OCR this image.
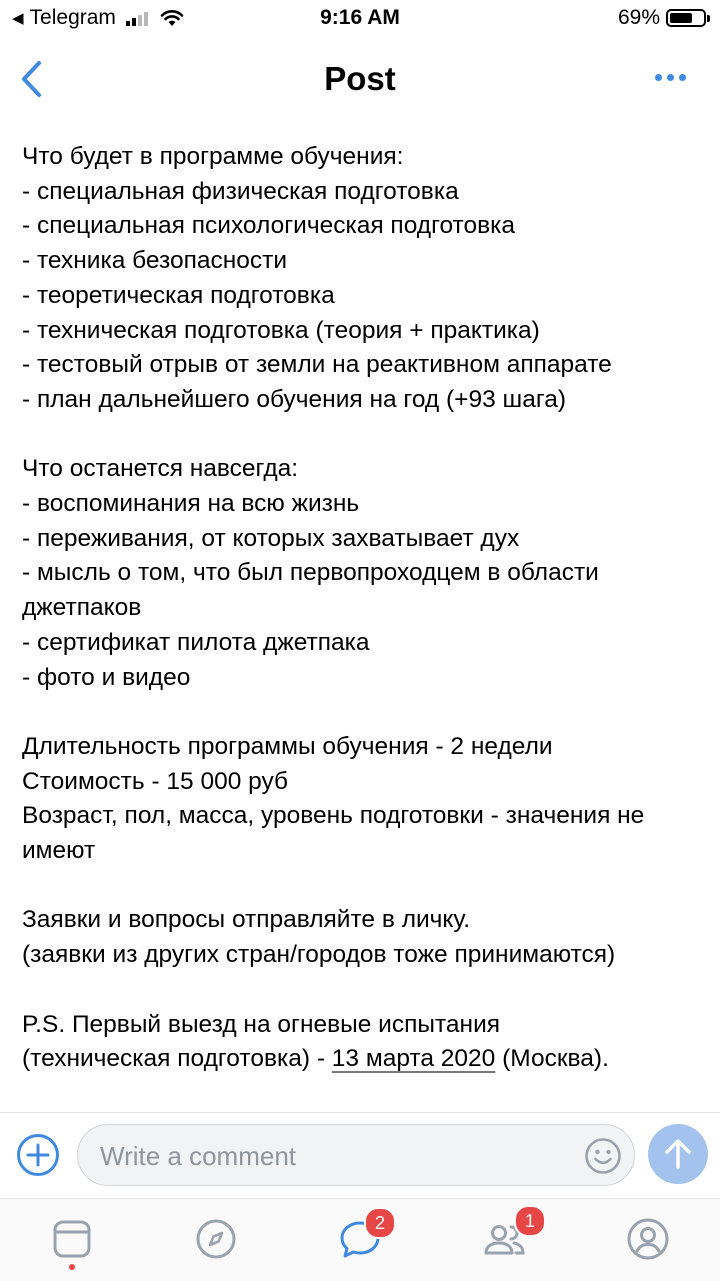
◀ Telegram	9:16 AM	69%
Post
Что будет в программе обучения:
- специальная физическая подготовка
- специальная психологическая подготовка
- техника безопасности
- теоретическая подготовка
- техническая подготовка (теория + практика)
- тестовый отрыв от земли на реактивном аппарате
- план дальнейшего обучения на год (+93 шага)
Что останется навсегда:
- воспоминания на всю жизнь
- переживания, от которых захватывает дух
- мысль о том, что был первопроходцем в области джетпаков
- сертификат пилота джетпака
- фото и видео
Длительность программы обучения - 2 недели
Стоимость - 15 000 руб
Возраст, пол, масса, уровень подготовки - значения не имеют
Заявки и вопросы отправляйте в личку.
(заявки из других стран/городов тоже принимаются)
P.S. Первый выезд на огневые испытания
(техническая подготовка) - 13 марта 2020 (Москва).
Write a comment
2	1
